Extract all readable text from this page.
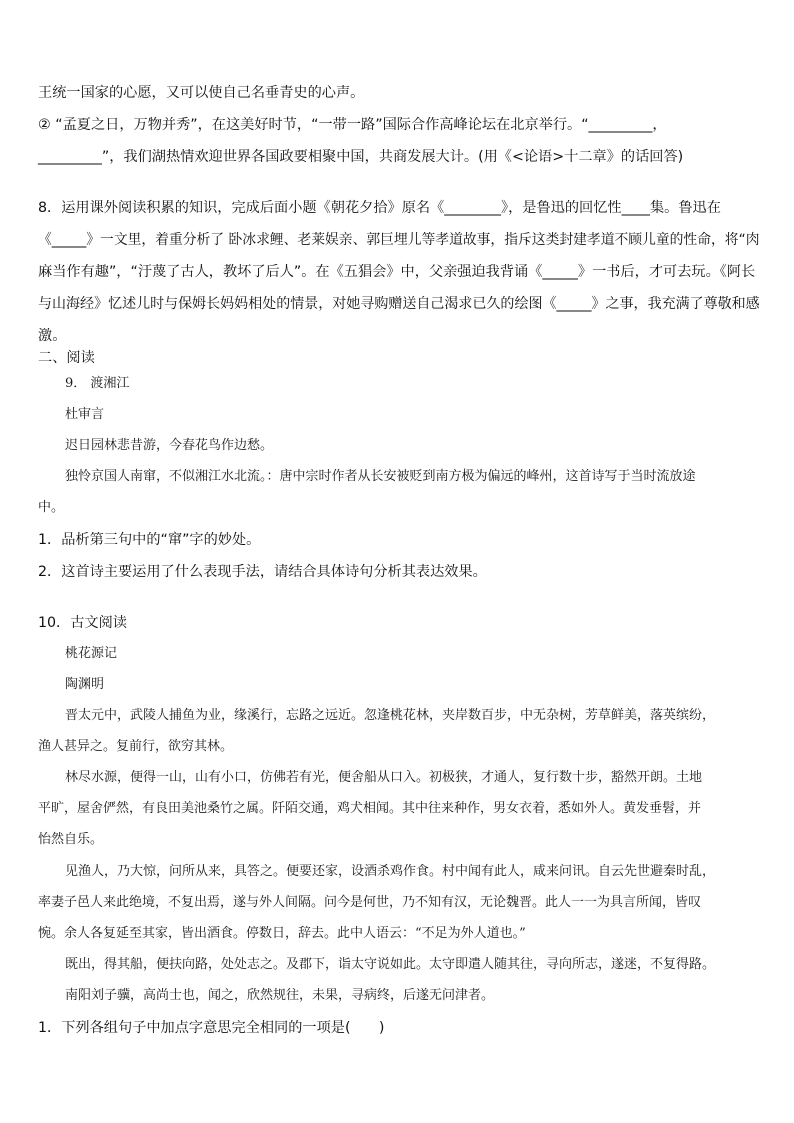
王统一国家的心愿，又可以使自己名垂青史的心声。
② “孟夏之日，万物并秀”，在这美好时节，“一带一路”国际合作高峰论坛在北京举行。“_________，
_________”，我们湖热情欢迎世界各国政要相聚中国，共商发展大计。(用《<论语>十二章》的话回答)
8．运用课外阅读积累的知识，完成后面小题《朝花夕拾》原名《________》，是鲁迅的回忆性____集。鲁迅在
《_____》一文里，着重分析了 卧冰求鲤、老莱娱亲、郭巨埋儿等孝道故事，指斥这类封建孝道不顾儿童的性命，将“肉
麻当作有趣”，“汙蔑了古人，教坏了后人”。在《五猖会》中，父亲强迫我背诵《_____》一书后，才可去玩。《阿长
与山海经》忆述儿时与保姆长妈妈相处的情景，对她寻购赠送自己渴求已久的绘图《_____》之事，我充满了尊敬和感
激。
二、阅读
9． 渡湘江
杜审言
迟日园林悲昔游，今春花鸟作边愁。
独怜京国人南窜，不似湘江水北流。：唐中宗时作者从长安被贬到南方极为偏远的峰州，这首诗写于当时流放途
中。
1．品析第三句中的“窜”字的妙处。
2．这首诗主要运用了什么表现手法，请结合具体诗句分析其表达效果。
10．古文阅读
桃花源记
陶渊明
晋太元中，武陵人捕鱼为业，缘溪行，忘路之远近。忽逢桃花林，夹岸数百步，中无杂树，芳草鲜美，落英缤纷，
渔人甚异之。复前行，欲穷其林。
林尽水源，便得一山，山有小口，仿佛若有光，便舍船从口入。初极狭，才通人，复行数十步，豁然开朗。土地
平旷，屋舍俨然，有良田美池桑竹之属。阡陌交通，鸡犬相闻。其中往来种作，男女衣着，悉如外人。黄发垂髫，并
怡然自乐。
见渔人，乃大惊，问所从来，具答之。便要还家，设酒杀鸡作食。村中闻有此人，咸来问讯。自云先世避秦时乱，
率妻子邑人来此绝境，不复出焉，遂与外人间隔。问今是何世，乃不知有汉，无论魏晋。此人一一为具言所闻，皆叹
惋。余人各复延至其家，皆出酒食。停数日，辞去。此中人语云：“不足为外人道也。”
既出，得其船，便扶向路，处处志之。及郡下，诣太守说如此。太守即遣人随其往，寻向所志，遂迷，不复得路。
南阳刘子骥，高尚士也，闻之，欣然规往，未果，寻病终，后遂无问津者。
1．下列各组句子中加点字意思完全相同的一项是(　　)
